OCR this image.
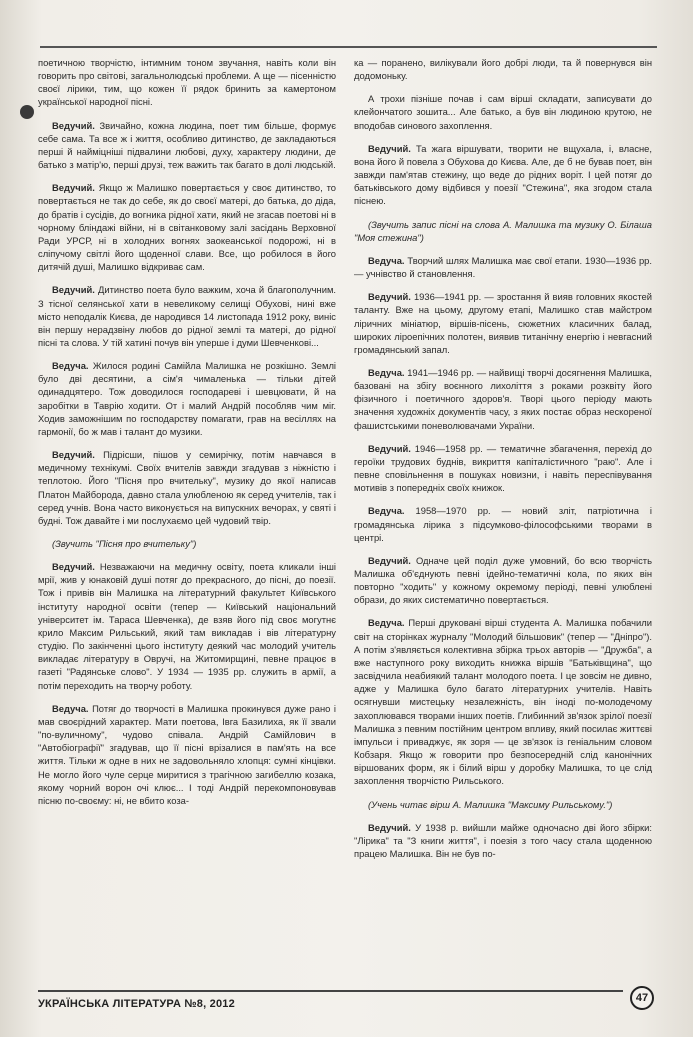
поетичною творчістю, інтимним тоном звучання, навіть коли він говорить про світові, загальнолюдські проблеми. А ще — пісенністю своєї лірики, тим, що кожен її рядок бринить за камертоном української народної пісні.

Ведучий. Звичайно, кожна людина, поет тим більше, формує себе сама. Та все ж і життя, особливо дитинство, де закладаються перші й найміцніші підвалини любові, духу, характеру людини, де батько з матір'ю, перші друзі, теж важить так багато в долі людській.

Ведучий. Якщо ж Малишко повертається у своє дитинство, то повертається не так до себе, як до своєї матері, до батька, до діда, до братів і сусідів, до вогника рідної хати, який не згасав поетові ні в чорному бліндажі війни, ні в світанковому залі засідань Верховної Ради УРСР, ні в холодних вогнях заокеанської подорожі, ні в сліпучому світлі його щоденної слави. Все, що робилося в його дитячій душі, Малишко відкриває сам.

Ведучий. Дитинство поета було важким, хоча й благополучним. З тісної селянської хати в невеликому селищі Обухові, нині вже місто неподалік Києва, де народився 14 листопада 1912 року, виніс він першу нерадзвіну любов до рідної землі та матері, до рідної пісні та слова. У тій хатині почув він уперше і думи Шевченкові...

Ведуча. Жилося родині Самійла Малишка не розкішно. Землі було дві десятини, а сім'я чималенька — тільки дітей одинадцятеро. Тож доводилося господареві і шевцювати, й на заробітки в Таврію ходити. От і малий Андрій пособляв чим міг. Ходив заможнішим по господарству помагати, грав на весіллях на гармонії, бо ж мав і талант до музики.

Ведучий. Підрісши, пішов у семирічку, потім навчався в медичному технікумі. Своїх вчителів завжди згадував з ніжністю і теплотою. Його "Пісня про вчительку", музику до якої написав Платон Майборода, давно стала улюбленою як серед учителів, так і серед учнів. Вона часто виконується на випускних вечорах, у святі і будні. Тож давайте і ми послухаємо цей чудовий твір.

(Звучить "Пісня про вчительку")

Ведучий. Незважаючи на медичну освіту, поета кликали інші мрії, жив у юнаковій душі потяг до прекрасного, до пісні, до поезії. Тож і привів він Малишка на літературний факультет Київського інституту народної освіти (тепер — Київський національний університет ім. Тараса Шевченка), де взяв його під своє могутнє крило Максим Рильський, який там викладав і вів літературну студію. По закінченні цього інституту деякий час молодий учитель викладає літературу в Овручі, на Житомирщині, певне працює в газеті "Радянське слово". У 1934 — 1935 рр. служить в армії, а потім переходить на творчу роботу.

Ведуча. Потяг до творчості в Малишка прокинувся дуже рано і мав своєрідний характер. Мати поетова, Івга Базилиха, як її звали "по-вуличному", чудово співала. Андрій Самійлович в "Автобіографії" згадував, що її пісні врізалися в пам'ять на все життя. Тільки ж одне в них не задовольняло хлопця: сумні кінцівки. Не могло його чуле серце миритися з трагічною загибеллю козака, якому чорний ворон очі клює... І тоді Андрій перекомпоновував пісню по-своєму: ні, не вбито коза-

ка — поранено, вилікували його добрі люди, та й повернувся він додомоньку.

А трохи пізніше почав і сам вірші складати, записувати до клейончатого зошита... Але батько, а був він людиною крутою, не вподобав синового захоплення.

Ведучий. Та жага віршувати, творити не вщухала, і, власне, вона його й повела з Обухова до Києва. Але, де б не бував поет, він завжди пам'ятав стежину, що веде до рідних воріт. І цей потяг до батьківського дому відбився у поезії "Стежина", яка згодом стала піснею.

(Звучить запис пісні на слова А. Малишка та музику О. Білаша "Моя стежина")

Ведуча. Творчий шлях Малишка має свої етапи. 1930—1936 рр. — учнівство й становлення.

Ведучий. 1936—1941 рр. — зростання й вияв головних якостей таланту. Вже на цьому, другому етапі, Малишко став майстром ліричних мініатюр, віршів-пісень, сюжетних класичних балад, широких ліроепічних полотен, виявив титанічну енергію і невгасний громадянський запал.

Ведуча. 1941—1946 рр. — найвищі творчі досягнення Малишка, базовані на збігу воєнного лихоліття з роками розквіту його фізичного і поетичного здоров'я. Творі цього періоду мають значення художніх документів часу, з яких постає образ нескореної фашистськими поневолювачами України.

Ведучий. 1946—1958 рр. — тематичне збагачення, перехід до героїки трудових буднів, викриття капіталістичного "раю". Але і певне сповільнення в пошуках новизни, і навіть переспівування мотивів з попередніх своїх книжок.

Ведуча. 1958—1970 рр. — новий зліт, патріотична і громадянська лірика з підсумково-філософськими творами в центрі.

Ведучий. Одначе цей поділ дуже умовний, бо всю творчість Малишка об'єднують певні ідейно-тематичні кола, по яких він повторно "ходить" у кожному окремому періоді, певні улюблені образи, до яких систематично повертається.

Ведуча. Перші друковані вірші студента А. Малишка побачили світ на сторінках журналу "Молодий більшовик" (тепер — "Дніпро"). А потім з'являється колективна збірка трьох авторів — "Дружба", а вже наступного року виходить книжка віршів "Батьківщина", що засвідчила неабиякий талант молодого поета. І це зовсім не дивно, адже у Малишка було багато літературних учителів. Навіть осягнувши мистецьку незалежність, він іноді по-молодечому захоплювався творами інших поетів. Глибинний зв'язок зрілої поезії Малишка з певним постійним центром впливу, який посилає життєві імпульси і приваджує, як зоря — це зв'язок із геніальним словом Кобзаря. Якщо ж говорити про безпосередній слід канонічних віршованих форм, як і білий вірш у доробку Малишка, то це слід захоплення творчістю Рильського.

(Учень читає вірш А. Малишка "Максиму Рильському.")

Ведучий. У 1938 р. вийшли майже одночасно дві його збірки: "Лірика" та "З книги життя", і поезія з того часу стала щоденною працею Малишка. Він не був по-

УКРАЇНСЬКА ЛІТЕРАТУРА №8, 2012	47
